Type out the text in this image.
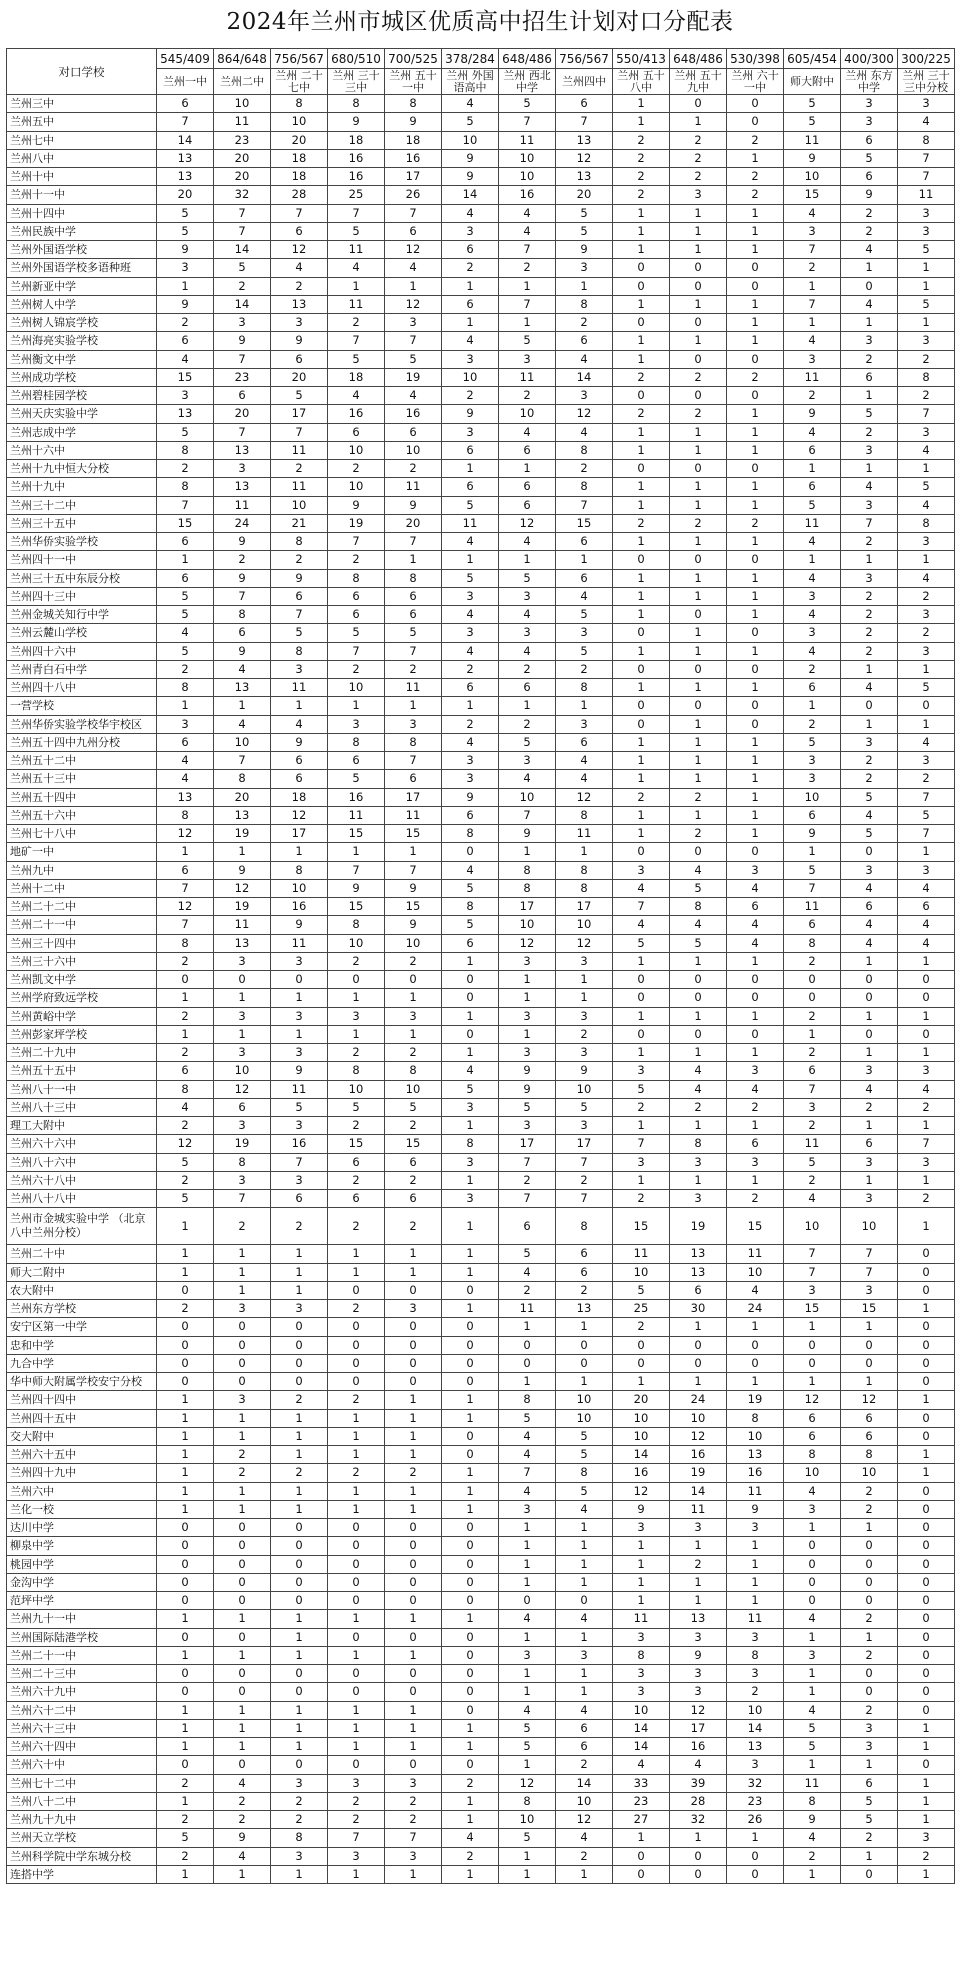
2024年兰州市城区优质高中招生计划对口分配表
对口学校	545/409	864/648	756/567	680/510	700/525	378/284	648/486	756/567	550/413	648/486	530/398	605/454	400/300	300/225
	兰州一中	兰州二中	兰州 二十七中	兰州 三十三中	兰州 五十一中	兰州 外国语高中	兰州 西北中学	兰州四中	兰州 五十八中	兰州 五十九中	兰州 六十一中	师大附中	兰州 东方中学	兰州 三十三中分校
兰州三中	6	10	8	8	8	4	5	6	1	0	0	5	3	3
兰州五中	7	11	10	9	9	5	7	7	1	1	0	5	3	4
兰州七中	14	23	20	18	18	10	11	13	2	2	2	11	6	8
兰州八中	13	20	18	16	16	9	10	12	2	2	1	9	5	7
兰州十中	13	20	18	16	17	9	10	13	2	2	2	10	6	7
兰州十一中	20	32	28	25	26	14	16	20	2	3	2	15	9	11
兰州十四中	5	7	7	7	7	4	4	5	1	1	1	4	2	3
兰州民族中学	5	7	6	5	6	3	4	5	1	1	1	3	2	3
兰州外国语学校	9	14	12	11	12	6	7	9	1	1	1	7	4	5
兰州外国语学校多语种班	3	5	4	4	4	2	2	3	0	0	0	2	1	1
兰州新亚中学	1	2	2	1	1	1	1	1	0	0	0	1	0	1
兰州树人中学	9	14	13	11	12	6	7	8	1	1	1	7	4	5
兰州树人锦宸学校	2	3	3	2	3	1	1	2	0	0	1	1	1	1
兰州海亮实验学校	6	9	9	7	7	4	5	6	1	1	1	4	3	3
兰州衡文中学	4	7	6	5	5	3	3	4	1	0	0	3	2	2
兰州成功学校	15	23	20	18	19	10	11	14	2	2	2	11	6	8
兰州碧桂园学校	3	6	5	4	4	2	2	3	0	0	0	2	1	2
兰州天庆实验中学	13	20	17	16	16	9	10	12	2	2	1	9	5	7
兰州志成中学	5	7	7	6	6	3	4	4	1	1	1	4	2	3
兰州十六中	8	13	11	10	10	6	6	8	1	1	1	6	3	4
兰州十九中恒大分校	2	3	2	2	2	1	1	2	0	0	0	1	1	1
兰州十九中	8	13	11	10	11	6	6	8	1	1	1	6	4	5
兰州三十二中	7	11	10	9	9	5	6	7	1	1	1	5	3	4
兰州三十五中	15	24	21	19	20	11	12	15	2	2	2	11	7	8
兰州华侨实验学校	6	9	8	7	7	4	4	6	1	1	1	4	2	3
兰州四十一中	1	2	2	2	1	1	1	1	0	0	0	1	1	1
兰州三十五中东辰分校	6	9	9	8	8	5	5	6	1	1	1	4	3	4
兰州四十三中	5	7	6	6	6	3	3	4	1	1	1	3	2	2
兰州金城关知行中学	5	8	7	6	6	4	4	5	1	0	1	4	2	3
兰州云麓山学校	4	6	5	5	5	3	3	3	0	1	0	3	2	2
兰州四十六中	5	9	8	7	7	4	4	5	1	1	1	4	2	3
兰州青白石中学	2	4	3	2	2	2	2	2	0	0	0	2	1	1
兰州四十八中	8	13	11	10	11	6	6	8	1	1	1	6	4	5
一营学校	1	1	1	1	1	1	1	1	0	0	0	1	0	0
兰州华侨实验学校华宇校区	3	4	4	3	3	2	2	3	0	1	0	2	1	1
兰州五十四中九州分校	6	10	9	8	8	4	5	6	1	1	1	5	3	4
兰州五十二中	4	7	6	6	7	3	3	4	1	1	1	3	2	3
兰州五十三中	4	8	6	5	6	3	4	4	1	1	1	3	2	2
兰州五十四中	13	20	18	16	17	9	10	12	2	2	1	10	5	7
兰州五十六中	8	13	12	11	11	6	7	8	1	1	1	6	4	5
兰州七十八中	12	19	17	15	15	8	9	11	1	2	1	9	5	7
地矿一中	1	1	1	1	1	0	1	1	0	0	0	1	0	1
兰州九中	6	9	8	7	7	4	8	8	3	4	3	5	3	3
兰州十二中	7	12	10	9	9	5	8	8	4	5	4	7	4	4
兰州二十二中	12	19	16	15	15	8	17	17	7	8	6	11	6	6
兰州二十一中	7	11	9	8	9	5	10	10	4	4	4	6	4	4
兰州三十四中	8	13	11	10	10	6	12	12	5	5	4	8	4	4
兰州三十六中	2	3	3	2	2	1	3	3	1	1	1	2	1	1
兰州凯文中学	0	0	0	0	0	0	1	1	0	0	0	0	0	0
兰州学府致远学校	1	1	1	1	1	0	1	1	0	0	0	0	0	0
兰州黄峪中学	2	3	3	3	3	1	3	3	1	1	1	2	1	1
兰州彭家坪学校	1	1	1	1	1	0	1	2	0	0	0	1	0	0
兰州二十九中	2	3	3	2	2	1	3	3	1	1	1	2	1	1
兰州五十五中	6	10	9	8	8	4	9	9	3	4	3	6	3	3
兰州八十一中	8	12	11	10	10	5	9	10	5	4	4	7	4	4
兰州八十三中	4	6	5	5	5	3	5	5	2	2	2	3	2	2
理工大附中	2	3	3	2	2	1	3	3	1	1	1	2	1	1
兰州六十六中	12	19	16	15	15	8	17	17	7	8	6	11	6	7
兰州八十六中	5	8	7	6	6	3	7	7	3	3	3	5	3	3
兰州六十八中	2	3	3	2	2	1	2	2	1	1	1	2	1	1
兰州八十八中	5	7	6	6	6	3	7	7	2	3	2	4	3	2
兰州市金城实验中学 （北京八中兰州分校）	1	2	2	2	2	1	6	8	15	19	15	10	10	1
兰州二十中	1	1	1	1	1	1	5	6	11	13	11	7	7	0
师大二附中	1	1	1	1	1	1	4	6	10	13	10	7	7	0
农大附中	0	1	1	0	0	0	2	2	5	6	4	3	3	0
兰州东方学校	2	3	3	2	3	1	11	13	25	30	24	15	15	1
安宁区第一中学	0	0	0	0	0	0	1	1	2	1	1	1	1	0
忠和中学	0	0	0	0	0	0	0	0	0	0	0	0	0	0
九合中学	0	0	0	0	0	0	0	0	0	0	0	0	0	0
华中师大附属学校安宁分校	0	0	0	0	0	0	1	1	1	1	1	1	1	0
兰州四十四中	1	3	2	2	1	1	8	10	20	24	19	12	12	1
兰州四十五中	1	1	1	1	1	1	5	10	10	10	8	6	6	0
交大附中	1	1	1	1	1	0	4	5	10	12	10	6	6	0
兰州六十五中	1	2	1	1	1	0	4	5	14	16	13	8	8	1
兰州四十九中	1	2	2	2	2	1	7	8	16	19	16	10	10	1
兰州六中	1	1	1	1	1	1	4	5	12	14	11	4	2	0
兰化一校	1	1	1	1	1	1	3	4	9	11	9	3	2	0
达川中学	0	0	0	0	0	0	1	1	3	3	3	1	1	0
柳泉中学	0	0	0	0	0	0	1	1	1	1	1	0	0	0
桃园中学	0	0	0	0	0	0	1	1	1	2	1	0	0	0
金沟中学	0	0	0	0	0	0	1	1	1	1	1	0	0	0
范坪中学	0	0	0	0	0	0	0	0	1	1	1	0	0	0
兰州九十一中	1	1	1	1	1	1	4	4	11	13	11	4	2	0
兰州国际陆港学校	0	0	1	0	0	0	1	1	3	3	3	1	1	0
兰州二十一中	1	1	1	1	1	0	3	3	8	9	8	3	2	0
兰州二十三中	0	0	0	0	0	0	1	1	3	3	3	1	0	0
兰州六十九中	0	0	0	0	0	0	1	1	3	3	2	1	0	0
兰州六十二中	1	1	1	1	1	0	4	4	10	12	10	4	2	0
兰州六十三中	1	1	1	1	1	1	5	6	14	17	14	5	3	1
兰州六十四中	1	1	1	1	1	1	5	6	14	16	13	5	3	1
兰州六十中	0	0	0	0	0	0	1	2	4	4	3	1	1	0
兰州七十二中	2	4	3	3	3	2	12	14	33	39	32	11	6	1
兰州八十二中	1	2	2	2	2	1	8	10	23	28	23	8	5	1
兰州九十九中	2	2	2	2	2	1	10	12	27	32	26	9	5	1
兰州天立学校	5	9	8	7	7	4	5	4	1	1	1	4	2	3
兰州科学院中学东城分校	2	4	3	3	3	2	1	2	0	0	0	2	1	2
连搭中学	1	1	1	1	1	1	1	1	0	0	0	1	0	1
